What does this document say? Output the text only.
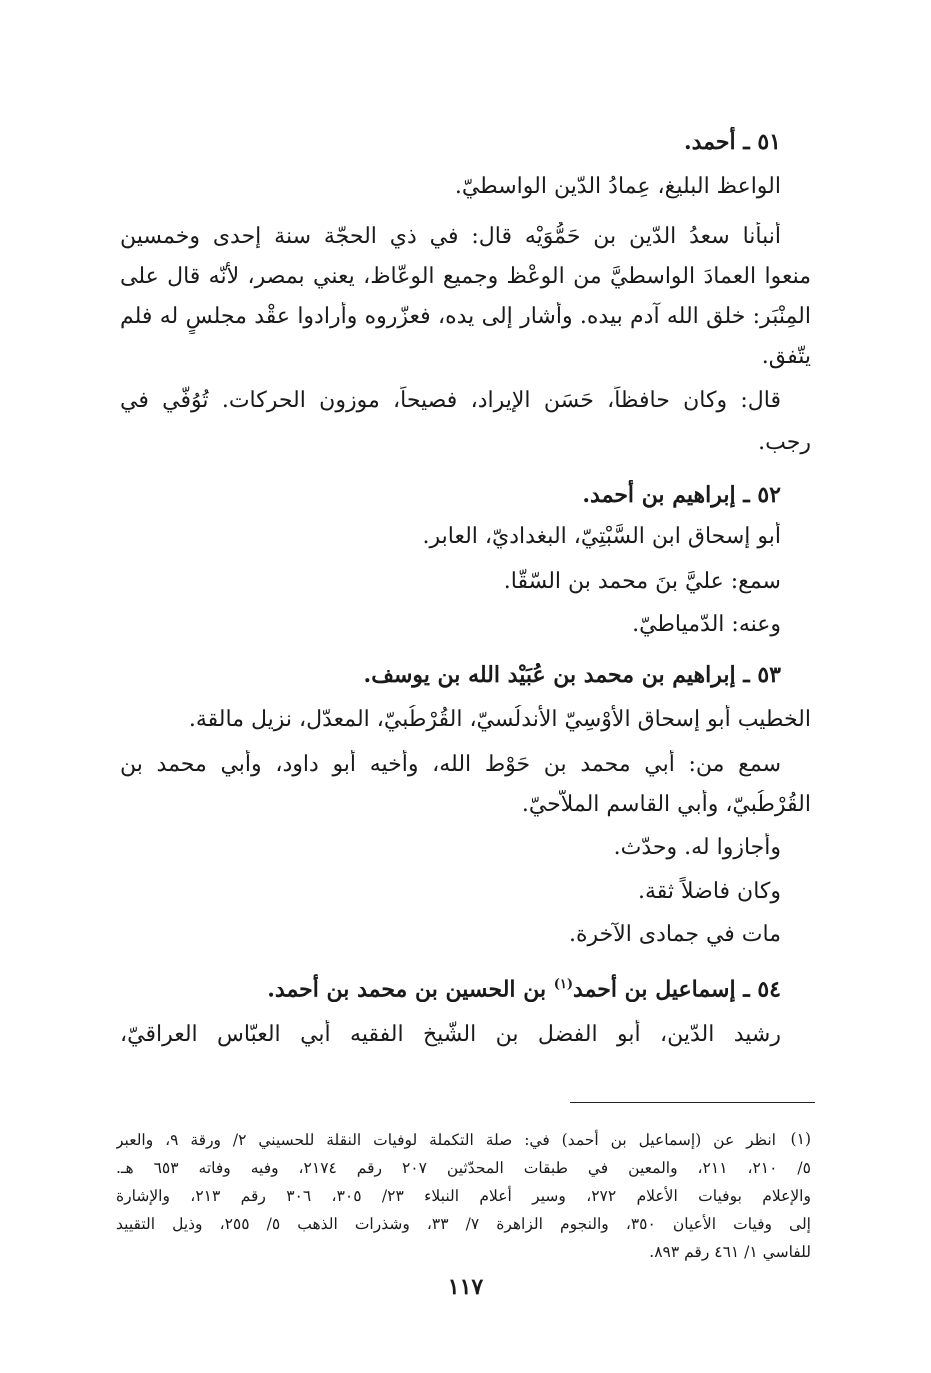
٥١ ـ أحمد.
الواعظ البليغ، عِمادُ الدّين الواسطيّ.
أنبأنا سعدُ الدّين بن حَمُّوَيْه قال: في ذي الحجّة سنة إحدى وخمسين
منعوا العمادَ الواسطيَّ من الوعْظ وجميع الوعّاظ، يعني بمصر، لأنّه قال على
المِنْبَر: خلق الله آدم بيده. وأشار إلى يده، فعزّروه وأرادوا عقْد مجلسٍ له فلم
يتّفق.
قال: وكان حافظاً، حَسَن الإيراد، فصيحاً، موزون الحركات. تُوُفّي في
رجب.
٥٢ ـ إبراهيم بن أحمد.
أبو إسحاق ابن السَّبْتِيّ، البغداديّ، العابر.
سمع: عليَّ بنَ محمد بن السّقّا.
وعنه: الدّمياطيّ.
٥٣ ـ إبراهيم بن محمد بن عُبَيْد الله بن يوسف.
الخطيب أبو إسحاق الأَوْسِيّ الأندلُسيّ، القُرْطُبيّ، المعدّل، نزيل مالقة.
سمع من: أبي محمد بن حَوْط الله، وأخيه أبو داود، وأبي محمد بن
القُرْطُبيّ، وأبي القاسم الملاّحيّ.
وأجازوا له. وحدّث.
وكان فاضلاً ثقة.
مات في جمادى الآخرة.
٥٤ ـ إسماعيل بن أحمد$^{(١)}$ بن الحسين بن محمد بن أحمد.
رشيد الدّين، أبو الفضل بن الشّيخ الفقيه أبي العبّاس العراقيّ،
(١)
انظر عن (إسماعيل بن أحمد) في: صلة التكملة لوفيات النقلة للحسيني ٢/ ورقة ٩، والعبر
٥/ ٢١٠، ٢١١، والمعين في طبقات المحدّثين ٢٠٧ رقم ٢١٧٤، وفيه وفاته ٦٥٣ هـ.
والإعلام بوفيات الأعلام ٢٧٢، وسير أعلام النبلاء ٢٣/ ٣٠٥، ٣٠٦ رقم ٢١٣، والإشارة
إلى وفيات الأعيان ٣٥٠، والنجوم الزاهرة ٧/ ٣٣، وشذرات الذهب ٥/ ٢٥٥، وذيل التقييد
للفاسي ١/ ٤٦١ رقم ٨٩٣.
١١٧
